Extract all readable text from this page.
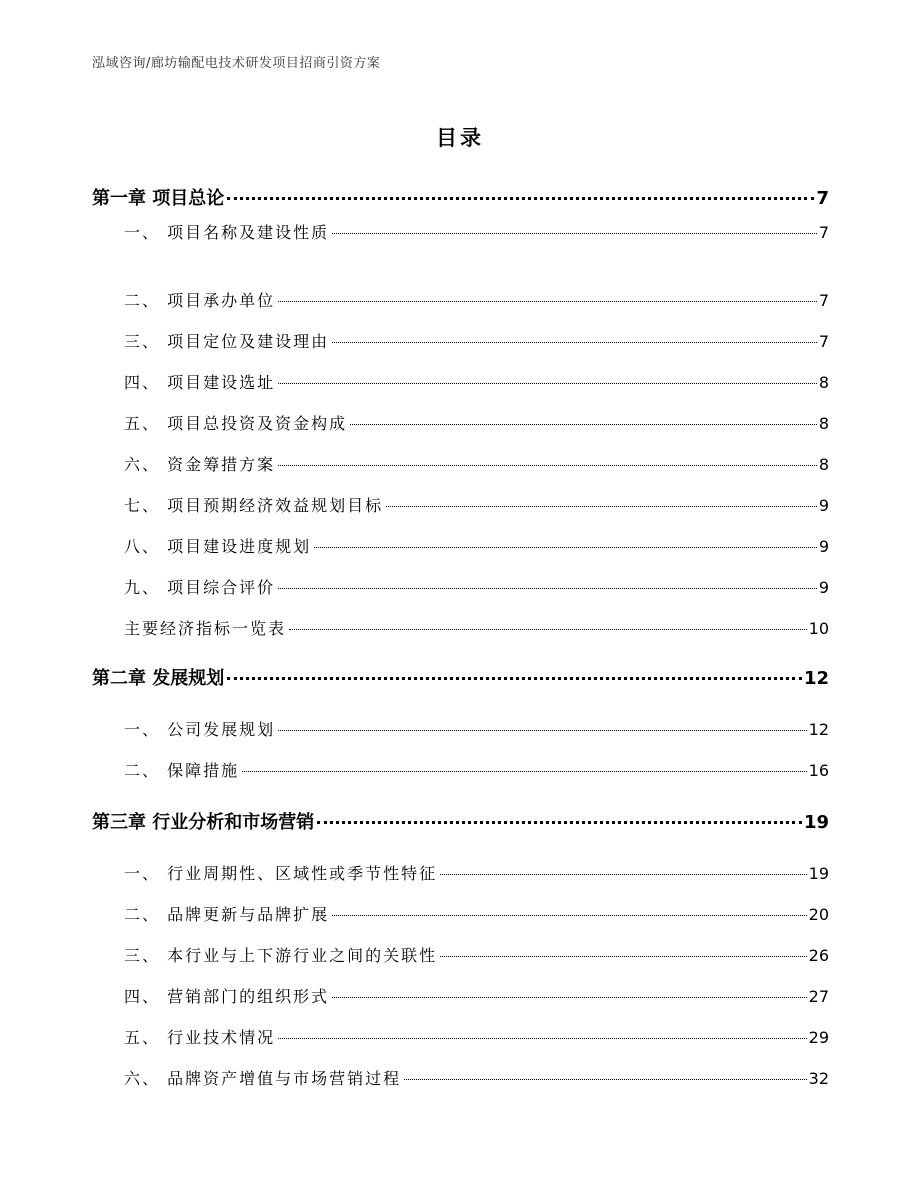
泓域咨询/廊坊输配电技术研发项目招商引资方案
目录
第一章 项目总论	7
一、 项目名称及建设性质	7
二、 项目承办单位	7
三、 项目定位及建设理由	7
四、 项目建设选址	8
五、 项目总投资及资金构成	8
六、 资金筹措方案	8
七、 项目预期经济效益规划目标	9
八、 项目建设进度规划	9
九、 项目综合评价	9
主要经济指标一览表	10
第二章 发展规划	12
一、 公司发展规划	12
二、 保障措施	16
第三章 行业分析和市场营销	19
一、 行业周期性、区域性或季节性特征	19
二、 品牌更新与品牌扩展	20
三、 本行业与上下游行业之间的关联性	26
四、 营销部门的组织形式	27
五、 行业技术情况	29
六、 品牌资产增值与市场营销过程	32
